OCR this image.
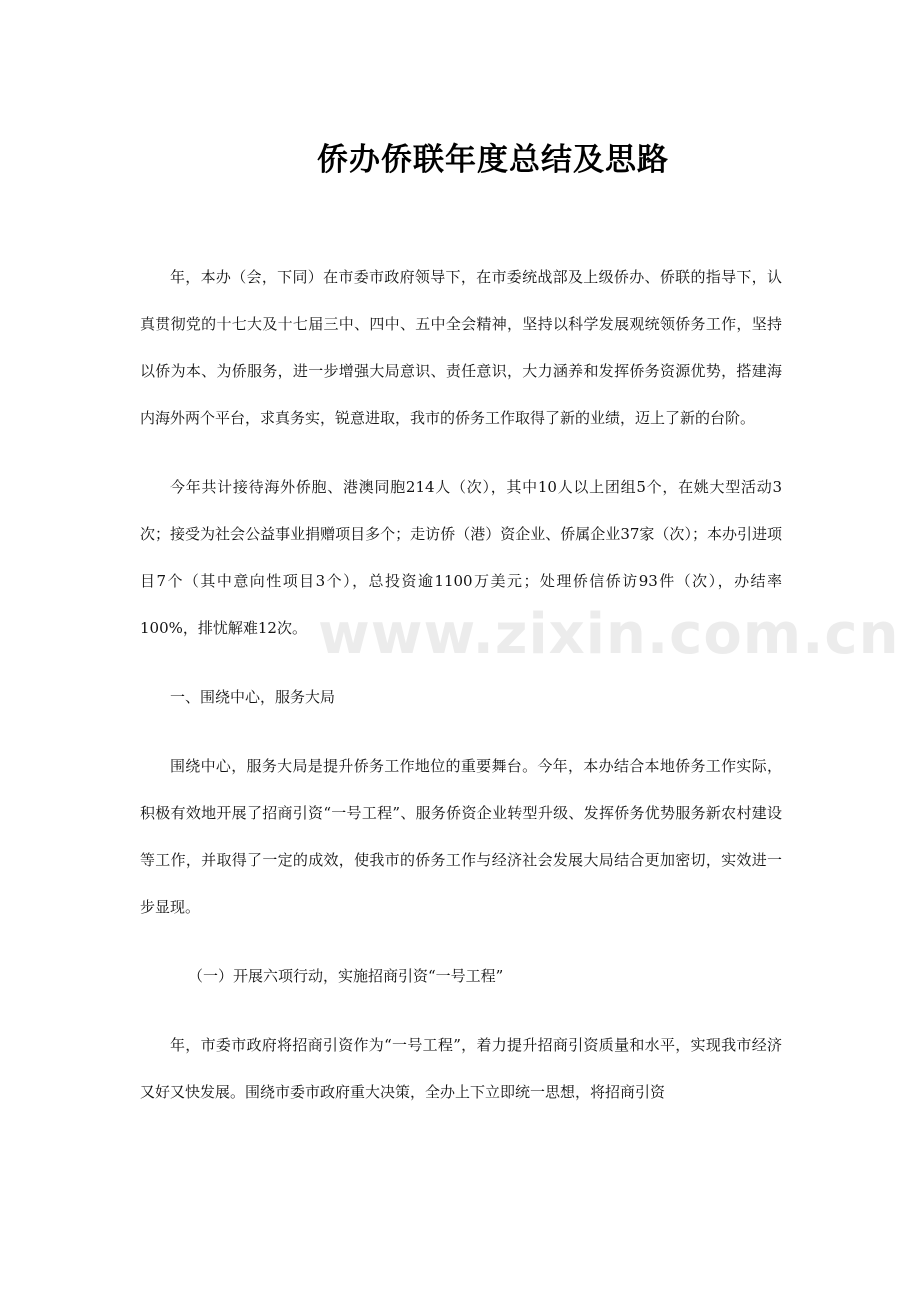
侨办侨联年度总结及思路

年，本办（会，下同）在市委市政府领导下，在市委统战部及上级侨办、侨联的指导下，认真贯彻党的十七大及十七届三中、四中、五中全会精神，坚持以科学发展观统领侨务工作，坚持以侨为本、为侨服务，进一步增强大局意识、责任意识，大力涵养和发挥侨务资源优势，搭建海内海外两个平台，求真务实，锐意进取，我市的侨务工作取得了新的业绩，迈上了新的台阶。

今年共计接待海外侨胞、港澳同胞214人（次），其中10人以上团组5个，在姚大型活动3次；接受为社会公益事业捐赠项目多个；走访侨（港）资企业、侨属企业37家（次）；本办引进项目7个（其中意向性项目3个），总投资逾1100万美元；处理侨信侨访93件（次），办结率100%，排忧解难12次。

一、围绕中心，服务大局

围绕中心，服务大局是提升侨务工作地位的重要舞台。今年，本办结合本地侨务工作实际，积极有效地开展了招商引资“一号工程”、服务侨资企业转型升级、发挥侨务优势服务新农村建设等工作，并取得了一定的成效，使我市的侨务工作与经济社会发展大局结合更加密切，实效进一步显现。

（一）开展六项行动，实施招商引资“一号工程”

年，市委市政府将招商引资作为“一号工程”，着力提升招商引资质量和水平，实现我市经济又好又快发展。围绕市委市政府重大决策，全办上下立即统一思想，将招商引资

www.zixin.com.cn
